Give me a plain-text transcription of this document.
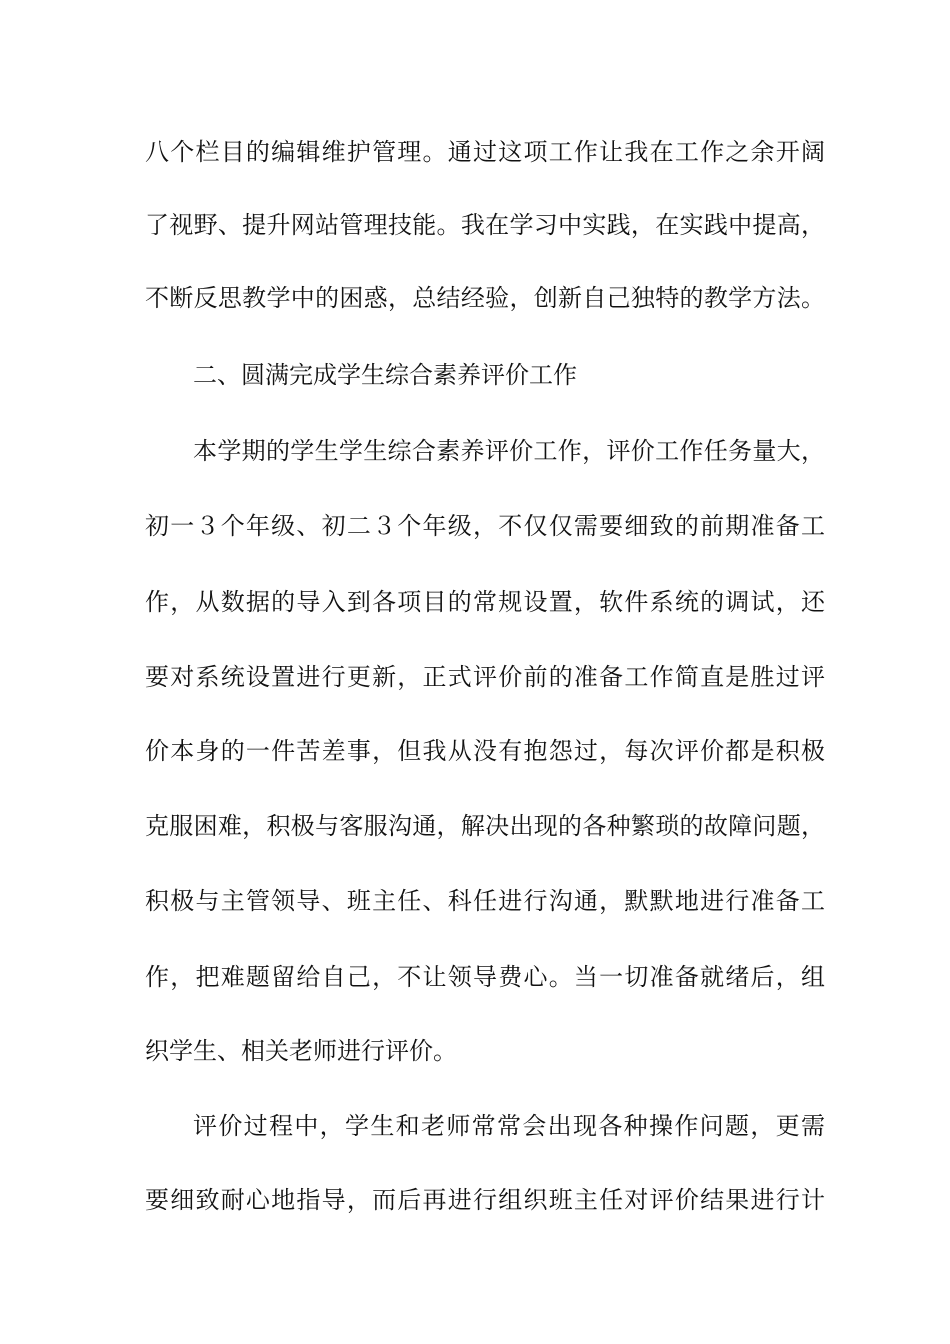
八个栏目的编辑维护管理。通过这项工作让我在工作之余开阔
了视野、提升网站管理技能。我在学习中实践，在实践中提高，
不断反思教学中的困惑，总结经验，创新自己独特的教学方法。
二、圆满完成学生综合素养评价工作
本学期的学生学生综合素养评价工作，评价工作任务量大，
初一３个年级、初二３个年级，不仅仅需要细致的前期准备工
作，从数据的导入到各项目的常规设置，软件系统的调试，还
要对系统设置进行更新，正式评价前的准备工作简直是胜过评
价本身的一件苦差事，但我从没有抱怨过，每次评价都是积极
克服困难，积极与客服沟通，解决出现的各种繁琐的故障问题，
积极与主管领导、班主任、科任进行沟通，默默地进行准备工
作，把难题留给自己，不让领导费心。当一切准备就绪后，组
织学生、相关老师进行评价。
评价过程中，学生和老师常常会出现各种操作问题，更需
要细致耐心地指导，而后再进行组织班主任对评价结果进行计
